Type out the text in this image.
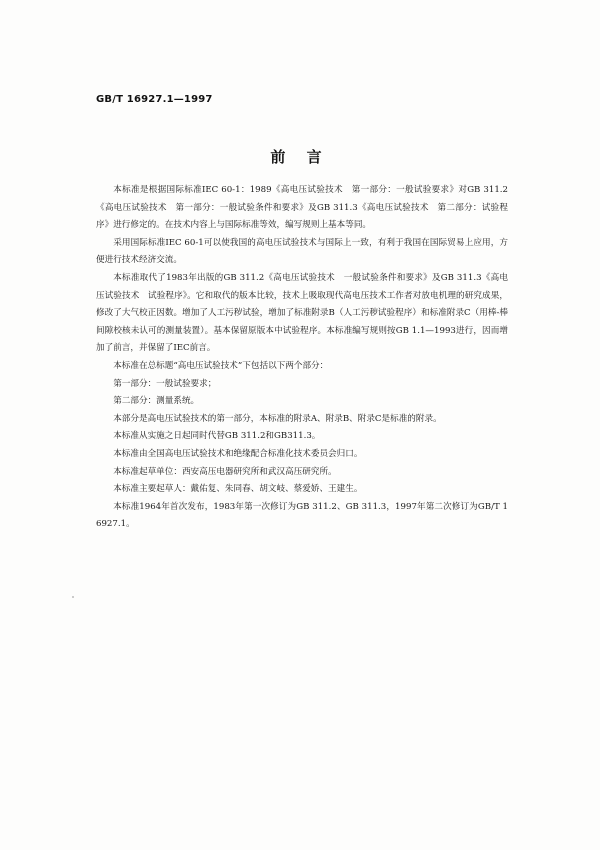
GB/T 16927.1—1997
前 言

本标准是根据国际标准IEC 60-1：1989《高电压试验技术　第一部分：一般试验要求》对GB 311.2《高电压试验技术　第一部分：一般试验条件和要求》及GB 311.3《高电压试验技术　第二部分：试验程序》进行修定的。在技术内容上与国际标准等效，编写规则上基本等同。

采用国际标准IEC 60-1可以使我国的高电压试验技术与国际上一致，有利于我国在国际贸易上应用，方便进行技术经济交流。

本标准取代了1983年出版的GB 311.2《高电压试验技术　一般试验条件和要求》及GB 311.3《高电压试验技术　试验程序》。它和取代的版本比较，技术上吸取现代高电压技术工作者对放电机理的研究成果，修改了大气校正因数。增加了人工污秽试验，增加了标准附录B（人工污秽试验程序）和标准附录C（用棒-棒间隙校核未认可的测量装置）。基本保留原版本中试验程序。本标准编写规则按GB 1.1—1993进行，因而增加了前言，并保留了IEC前言。

本标准在总标题“高电压试验技术”下包括以下两个部分：

第一部分：一般试验要求；

第二部分：测量系统。

本部分是高电压试验技术的第一部分，本标准的附录A、附录B、附录C是标准的附录。

本标准从实施之日起同时代替GB 311.2和GB311.3。

本标准由全国高电压试验技术和绝缘配合标准化技术委员会归口。

本标准起草单位：西安高压电器研究所和武汉高压研究所。

本标准主要起草人：戴佑复、朱同春、胡文岐、蔡爱娇、王建生。

本标准1964年首次发布，1983年第一次修订为GB 311.2、GB 311.3，1997年第二次修订为GB/T 16927.1。
